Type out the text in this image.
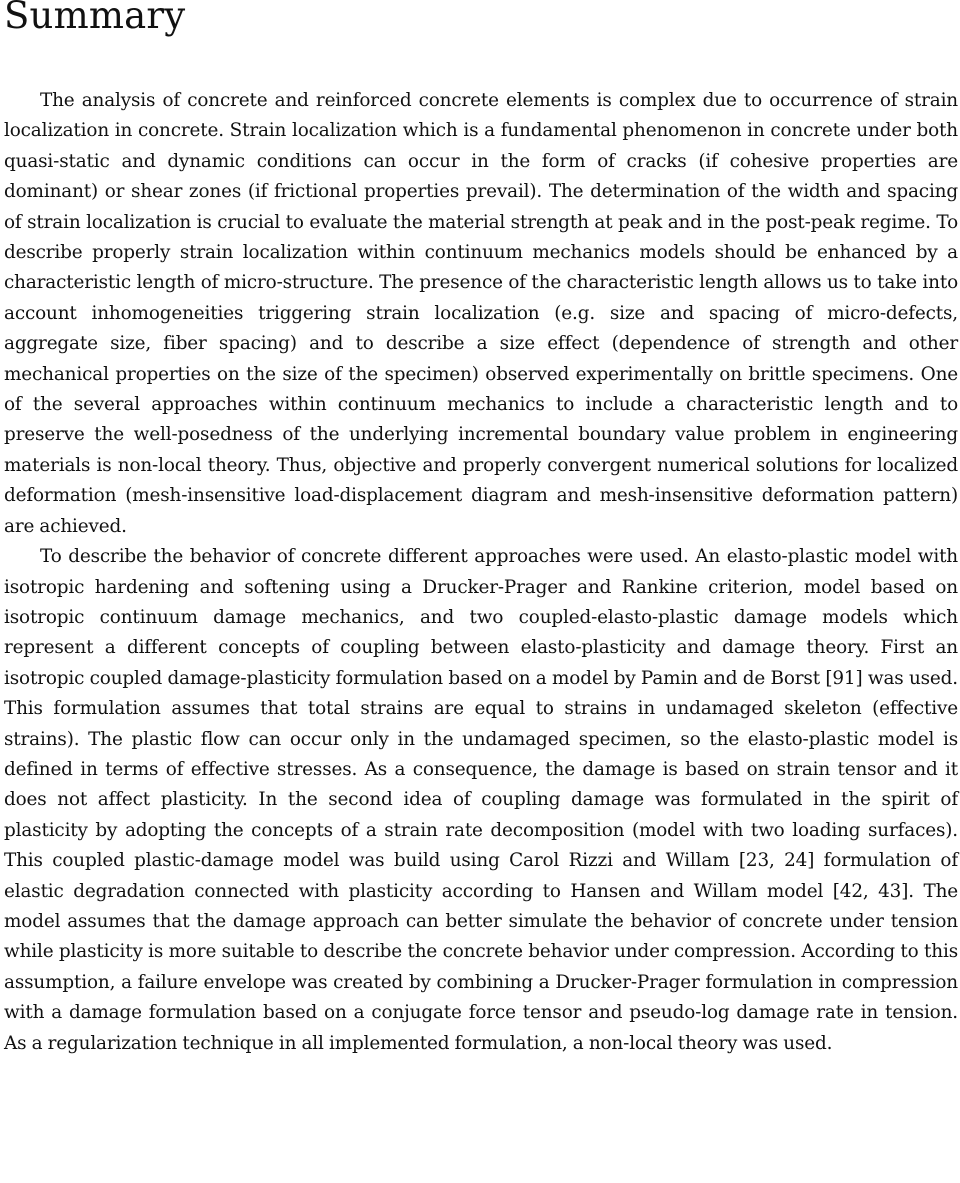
Summary

The analysis of concrete and reinforced concrete elements is complex due to occurrence of strain localization in concrete. Strain localization which is a fundamental phenomenon in concrete under both quasi-static and dynamic conditions can occur in the form of cracks (if cohesive properties are dominant) or shear zones (if frictional properties prevail). The determination of the width and spacing of strain localization is crucial to evaluate the material strength at peak and in the post-peak regime. To describe properly strain localization within continuum mechanics models should be enhanced by a characteristic length of micro-structure. The presence of the characteristic length allows us to take into account inhomogeneities triggering strain localization (e.g. size and spacing of micro-defects, aggregate size, fiber spacing) and to describe a size effect (dependence of strength and other mechanical properties on the size of the specimen) observed experimentally on brittle specimens. One of the several approaches within continuum mechanics to include a characteristic length and to preserve the well-posedness of the underlying incremental boundary value problem in engineering materials is non-local theory. Thus, objective and properly convergent numerical solutions for localized deformation (mesh-insensitive load-displacement diagram and mesh-insensitive deformation pattern) are achieved.

To describe the behavior of concrete different approaches were used. An elasto-plastic model with isotropic hardening and softening using a Drucker-Prager and Rankine criterion, model based on isotropic continuum damage mechanics, and two coupled-elasto-plastic damage models which represent a different concepts of coupling between elasto-plasticity and damage theory. First an isotropic coupled damage-plasticity formulation based on a model by Pamin and de Borst [91] was used. This formulation assumes that total strains are equal to strains in undamaged skeleton (effective strains). The plastic flow can occur only in the undamaged specimen, so the elasto-plastic model is defined in terms of effective stresses. As a consequence, the damage is based on strain tensor and it does not affect plasticity. In the second idea of coupling damage was formulated in the spirit of plasticity by adopting the concepts of a strain rate decomposition (model with two loading surfaces). This coupled plastic-damage model was build using Carol Rizzi and Willam [23, 24] formulation of elastic degradation connected with plasticity according to Hansen and Willam model [42, 43]. The model assumes that the damage approach can better simulate the behavior of concrete under tension while plasticity is more suitable to describe the concrete behavior under compression. According to this assumption, a failure envelope was created by combining a Drucker-Prager formulation in compression with a damage formulation based on a conjugate force tensor and pseudo-log damage rate in tension. As a regularization technique in all implemented formulation, a non-local theory was used.
